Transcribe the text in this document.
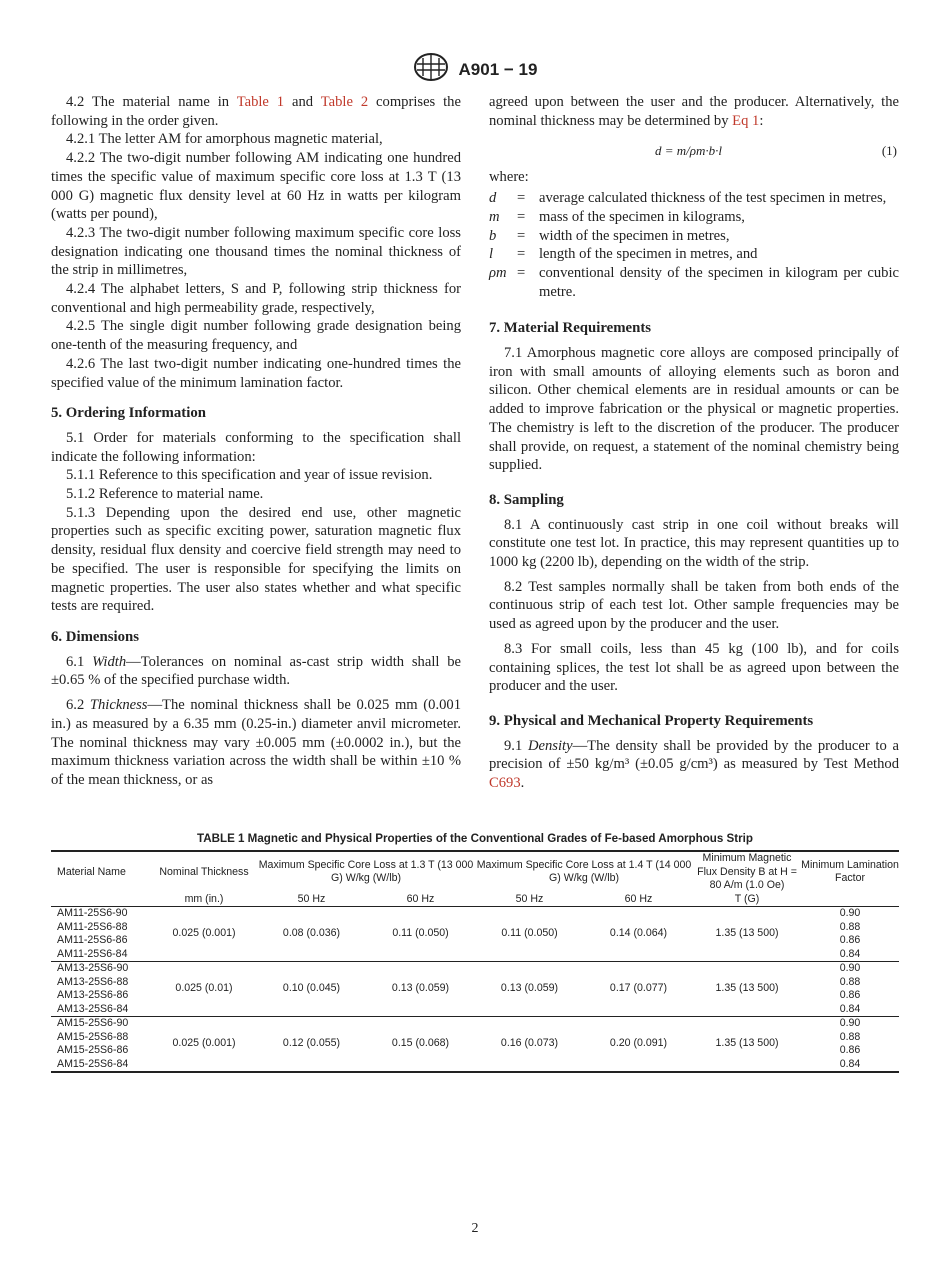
A901 − 19

4.2 The material name in Table 1 and Table 2 comprises the following in the order given.

4.2.1 The letter AM for amorphous magnetic material,

4.2.2 The two-digit number following AM indicating one hundred times the specific value of maximum specific core loss at 1.3 T (13 000 G) magnetic flux density level at 60 Hz in watts per kilogram (watts per pound),

4.2.3 The two-digit number following maximum specific core loss designation indicating one thousand times the nominal thickness of the strip in millimetres,

4.2.4 The alphabet letters, S and P, following strip thickness for conventional and high permeability grade, respectively,

4.2.5 The single digit number following grade designation being one-tenth of the measuring frequency, and

4.2.6 The last two-digit number indicating one-hundred times the specified value of the minimum lamination factor.

5. Ordering Information

5.1 Order for materials conforming to the specification shall indicate the following information:

5.1.1 Reference to this specification and year of issue revision.

5.1.2 Reference to material name.

5.1.3 Depending upon the desired end use, other magnetic properties such as specific exciting power, saturation magnetic flux density, residual flux density and coercive field strength may need to be specified. The user is responsible for specifying the limits on magnetic properties. The user also states whether and what specific tests are required.

6. Dimensions

6.1 Width—Tolerances on nominal as-cast strip width shall be ±0.65 % of the specified purchase width.

6.2 Thickness—The nominal thickness shall be 0.025 mm (0.001 in.) as measured by a 6.35 mm (0.25-in.) diameter anvil micrometer. The nominal thickness may vary ±0.005 mm (±0.0002 in.), but the maximum thickness variation across the width shall be within ±10 % of the mean thickness, or as

agreed upon between the user and the producer. Alternatively, the nominal thickness may be determined by Eq 1:

d = m/ρm·b·l	(1)

where:

d	= average calculated thickness of the test specimen in metres,
m	= mass of the specimen in kilograms,
b	= width of the specimen in metres,
l	= length of the specimen in metres, and
ρm = conventional density of the specimen in kilogram per cubic metre.
7. Material Requirements

7.1 Amorphous magnetic core alloys are composed principally of iron with small amounts of alloying elements such as boron and silicon. Other chemical elements are in residual amounts or can be added to improve fabrication or the physical or magnetic properties. The chemistry is left to the discretion of the producer. The producer shall provide, on request, a statement of the nominal chemistry being supplied.

8. Sampling

8.1 A continuously cast strip in one coil without breaks will constitute one test lot. In practice, this may represent quantities up to 1000 kg (2200 lb), depending on the width of the strip.

8.2 Test samples normally shall be taken from both ends of the continuous strip of each test lot. Other sample frequencies may be used as agreed upon by the producer and the user.

8.3 For small coils, less than 45 kg (100 lb), and for coils containing splices, the test lot shall be as agreed upon between the producer and the user.

9. Physical and Mechanical Property Requirements

9.1 Density—The density shall be provided by the producer to a precision of ±50 kg/m³ (±0.05 g/cm³) as measured by Test Method C693.

TABLE 1 Magnetic and Physical Properties of the Conventional Grades of Fe-based Amorphous Strip
Material Name	Nominal Thickness	Maximum Specific Core Loss at 1.3 T (13 000 G) W/kg (W/lb)		Maximum Specific Core Loss at 1.4 T (14 000 G) W/kg (W/lb)		Minimum Magnetic Flux Density B at H = 80 A/m (1.0 Oe)	Minimum Lamination Factor
	mm (in.)	50 Hz	60 Hz	50 Hz	60 Hz	T (G)	
AM11-25S6-90	0.025 (0.001)	0.08 (0.036)	0.11 (0.050)	0.11 (0.050)	0.14 (0.064)	1.35 (13 500)	0.90
AM11-25S6-88							0.88
AM11-25S6-86							0.86
AM11-25S6-84							0.84
AM13-25S6-90	0.025 (0.01)	0.10 (0.045)	0.13 (0.059)	0.13 (0.059)	0.17 (0.077)	1.35 (13 500)	0.90
AM13-25S6-88							0.88
AM13-25S6-86							0.86
AM13-25S6-84							0.84
AM15-25S6-90	0.025 (0.001)	0.12 (0.055)	0.15 (0.068)	0.16 (0.073)	0.20 (0.091)	1.35 (13 500)	0.90
AM15-25S6-88							0.88
AM15-25S6-86							0.86
AM15-25S6-84							0.84
2
